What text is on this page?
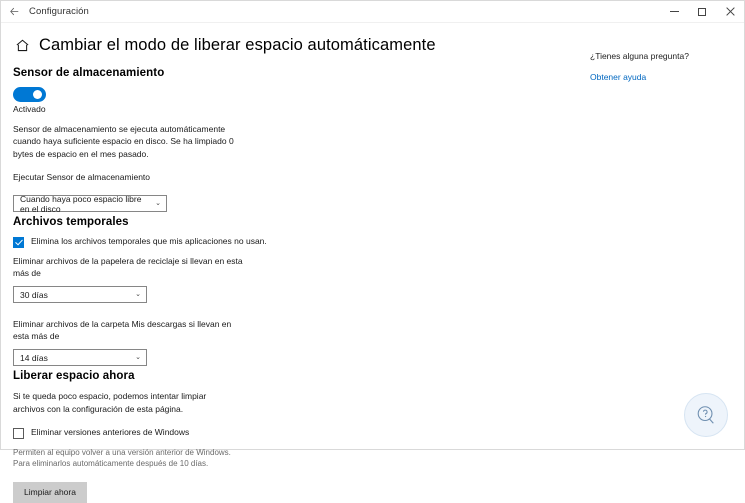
Configuración
Cambiar el modo de liberar espacio automáticamente
¿Tienes alguna pregunta?
Obtener ayuda
Sensor de almacenamiento
Activado

Sensor de almacenamiento se ejecuta automáticamente cuando haya suficiente espacio en disco. Se ha limpiado 0 bytes de espacio en el mes pasado.

Ejecutar Sensor de almacenamiento
Cuando haya poco espacio libre en el disco	⌄
Archivos temporales
Elimina los archivos temporales que mis aplicaciones no usan.
Eliminar archivos de la papelera de reciclaje si llevan en esta más de
30 días	⌄
Eliminar archivos de la carpeta Mis descargas si llevan en esta más de
14 días	⌄
Liberar espacio ahora

Si te queda poco espacio, podemos intentar limpiar archivos con la configuración de esta página.

Eliminar versiones anteriores de Windows

Permiten al equipo volver a una versión anterior de Windows. Para eliminarlos automáticamente después de 10 días.

Limpiar ahora
